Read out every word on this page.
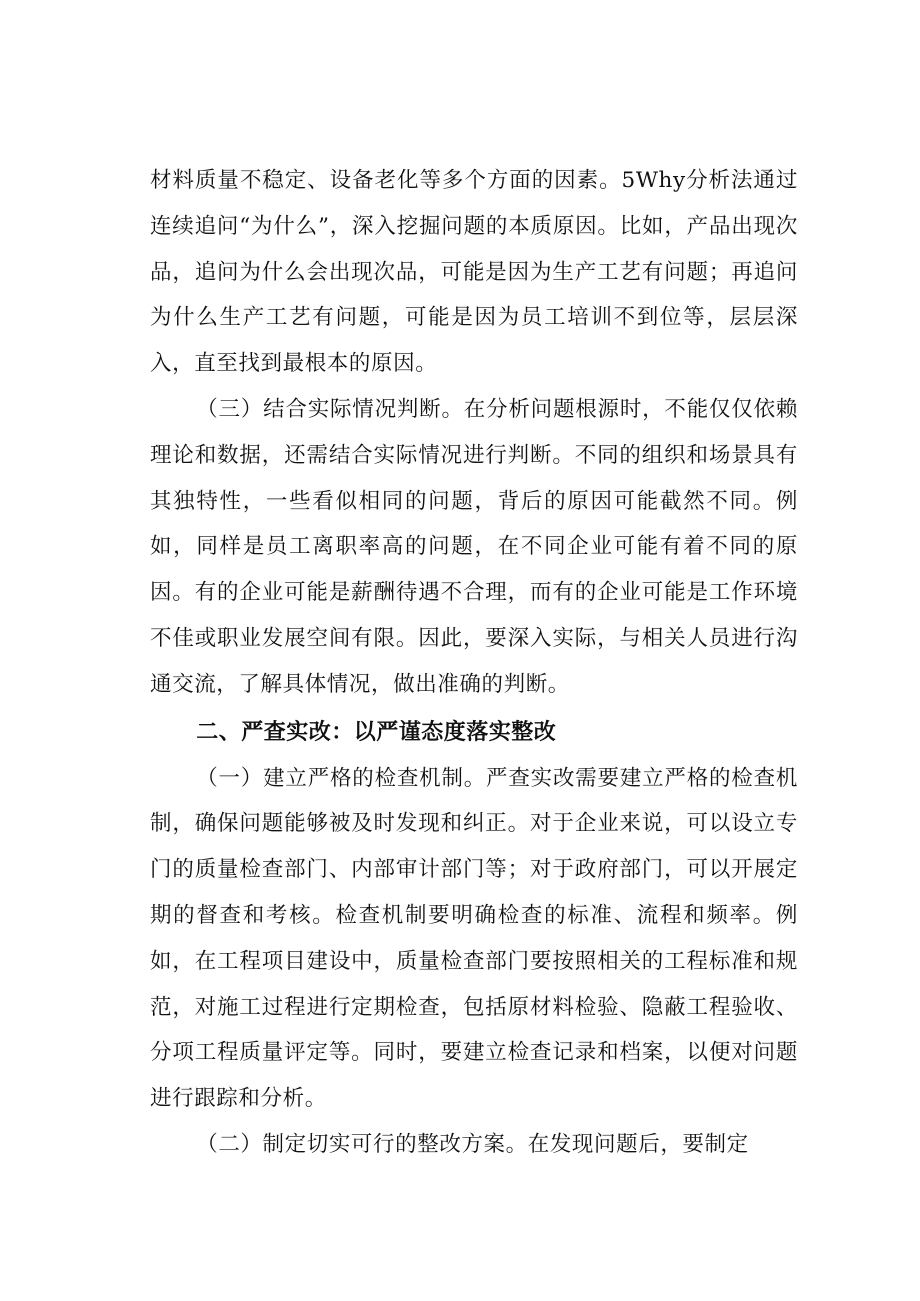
材料质量不稳定、设备老化等多个方面的因素。5Why分析法通过连续追问“为什么”，深入挖掘问题的本质原因。比如，产品出现次品，追问为什么会出现次品，可能是因为生产工艺有问题；再追问为什么生产工艺有问题，可能是因为员工培训不到位等，层层深入，直至找到最根本的原因。

（三）结合实际情况判断。在分析问题根源时，不能仅仅依赖理论和数据，还需结合实际情况进行判断。不同的组织和场景具有其独特性，一些看似相同的问题，背后的原因可能截然不同。例如，同样是员工离职率高的问题，在不同企业可能有着不同的原因。有的企业可能是薪酬待遇不合理，而有的企业可能是工作环境不佳或职业发展空间有限。因此，要深入实际，与相关人员进行沟通交流，了解具体情况，做出准确的判断。

二、严查实改：以严谨态度落实整改

（一）建立严格的检查机制。严查实改需要建立严格的检查机制，确保问题能够被及时发现和纠正。对于企业来说，可以设立专门的质量检查部门、内部审计部门等；对于政府部门，可以开展定期的督查和考核。检查机制要明确检查的标准、流程和频率。例如，在工程项目建设中，质量检查部门要按照相关的工程标准和规范，对施工过程进行定期检查，包括原材料检验、隐蔽工程验收、分项工程质量评定等。同时，要建立检查记录和档案，以便对问题进行跟踪和分析。

（二）制定切实可行的整改方案。在发现问题后，要制定
